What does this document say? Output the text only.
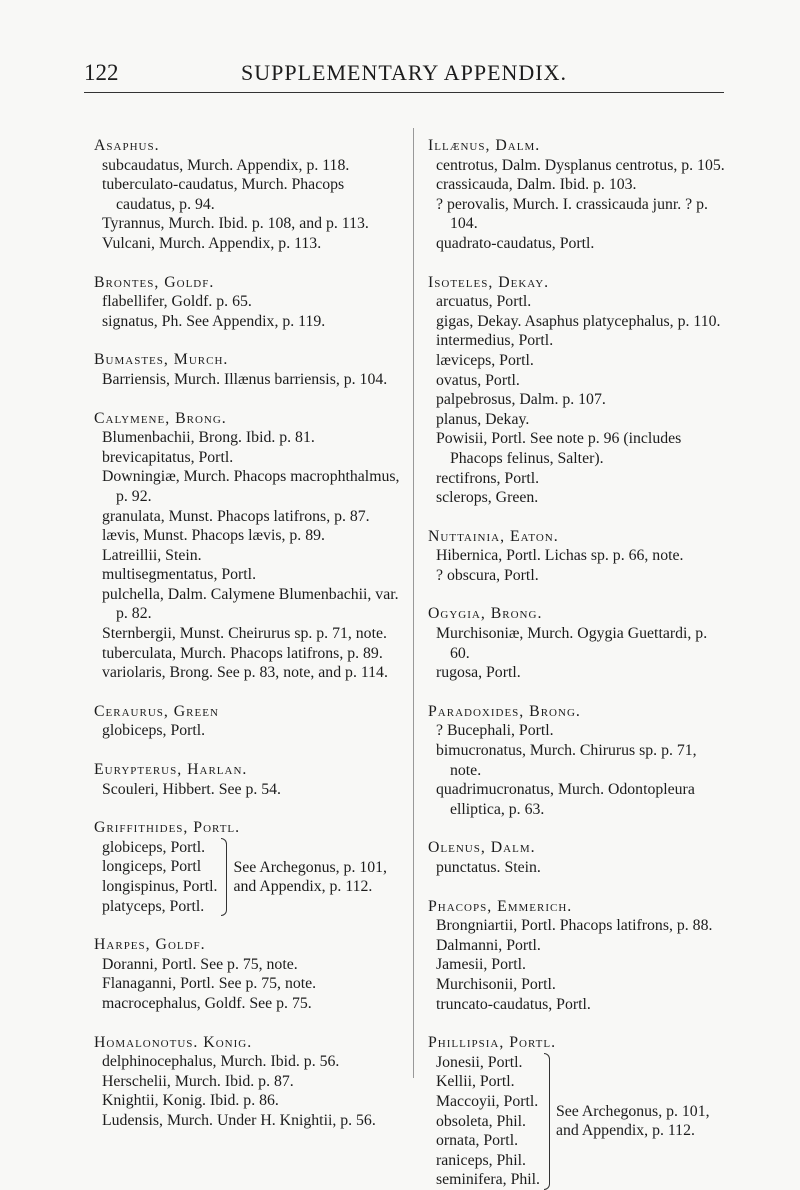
122	SUPPLEMENTARY APPENDIX.
Asaphus.
subcaudatus, Murch. Appendix, p. 118.
tuberculato-caudatus, Murch. Phacops caudatus, p. 94.
Tyrannus, Murch. Ibid. p. 108, and p. 113.
Vulcani, Murch. Appendix, p. 113.
Brontes, Goldf.
flabellifer, Goldf. p. 65.
signatus, Ph. See Appendix, p. 119.
Bumastes, Murch.
Barriensis, Murch. Illænus barriensis, p. 104.
Calymene, Brong.
Blumenbachii, Brong. Ibid. p. 81.
brevicapitatus, Portl.
Downingiæ, Murch. Phacops macrophthalmus, p. 92.
granulata, Munst. Phacops latifrons, p. 87.
lævis, Munst. Phacops lævis, p. 89.
Latreillii, Stein.
multisegmentatus, Portl.
pulchella, Dalm. Calymene Blumenbachii, var. p. 82.
Sternbergii, Munst. Cheirurus sp. p. 71, note.
tuberculata, Murch. Phacops latifrons, p. 89.
variolaris, Brong. See p. 83, note, and p. 114.
Ceraurus, Green
globiceps, Portl.
Eurypterus, Harlan.
Scouleri, Hibbert. See p. 54.
Griffithides, Portl.
globiceps, Portl.
longiceps, Portl
longispinus, Portl.
platyceps, Portl.
See Archegonus, p. 101,
and Appendix, p. 112.
Harpes, Goldf.
Doranni, Portl. See p. 75, note.
Flanaganni, Portl. See p. 75, note.
macrocephalus, Goldf. See p. 75.
Homalonotus. Konig.
delphinocephalus, Murch. Ibid. p. 56.
Herschelii, Murch. Ibid. p. 87.
Knightii, Konig. Ibid. p. 86.
Ludensis, Murch. Under H. Knightii, p. 56.
Illænus, Dalm.
centrotus, Dalm. Dysplanus centrotus, p. 105.
crassicauda, Dalm. Ibid. p. 103.
? perovalis, Murch. I. crassicauda junr. ? p. 104.
quadrato-caudatus, Portl.
Isoteles, Dekay.
arcuatus, Portl.
gigas, Dekay. Asaphus platycephalus, p. 110.
intermedius, Portl.
læviceps, Portl.
ovatus, Portl.
palpebrosus, Dalm. p. 107.
planus, Dekay.
Powisii, Portl. See note p. 96 (includes Phacops felinus, Salter).
rectifrons, Portl.
sclerops, Green.
Nuttainia, Eaton.
Hibernica, Portl. Lichas sp. p. 66, note.
? obscura, Portl.
Ogygia, Brong.
Murchisoniæ, Murch. Ogygia Guettardi, p. 60.
rugosa, Portl.
Paradoxides, Brong.
? Bucephali, Portl.
bimucronatus, Murch. Chirurus sp. p. 71, note.
quadrimucronatus, Murch. Odontopleura elliptica, p. 63.
Olenus, Dalm.
punctatus. Stein.
Phacops, Emmerich.
Brongniartii, Portl. Phacops latifrons, p. 88.
Dalmanni, Portl.
Jamesii, Portl.
Murchisonii, Portl.
truncato-caudatus, Portl.
Phillipsia, Portl.
Jonesii, Portl.
Kellii, Portl.
Maccoyii, Portl.
obsoleta, Phil.
ornata, Portl.
raniceps, Phil.
seminifera, Phil.
See Archegonus, p. 101,
and Appendix, p. 112.
